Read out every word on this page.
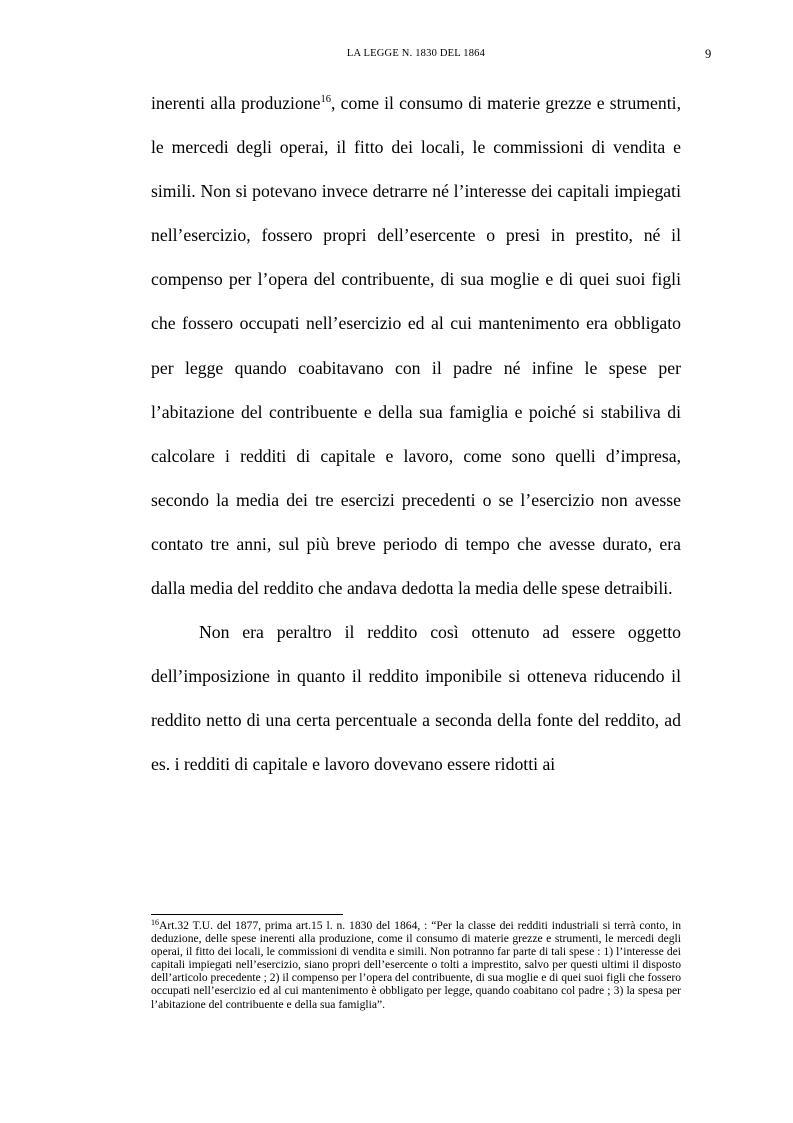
LA LEGGE N. 1830 DEL 1864	9

inerenti alla produzione$^{16}$, come il consumo di materie grezze e strumenti, le mercedi degli operai, il fitto dei locali, le commissioni di vendita e simili. Non si potevano invece detrarre né l’interesse dei capitali impiegati nell’esercizio, fossero propri dell’esercente o presi in prestito, né il compenso per l’opera del contribuente, di sua moglie e di quei suoi figli che fossero occupati nell’esercizio ed al cui mantenimento era obbligato per legge quando coabitavano con il padre né infine le spese per l’abitazione del contribuente e della sua famiglia e poiché si stabiliva di calcolare i redditi di capitale e lavoro, come sono quelli d’impresa, secondo la media dei tre esercizi precedenti o se l’esercizio non avesse contato tre anni, sul più breve periodo di tempo che avesse durato, era dalla media del reddito che andava dedotta la media delle spese detraibili.

Non era peraltro il reddito così ottenuto ad essere oggetto dell’imposizione in quanto il reddito imponibile si otteneva riducendo il reddito netto di una certa percentuale a seconda della fonte del reddito, ad es. i redditi di capitale e lavoro dovevano essere ridotti ai

$^{16}$Art.32 T.U. del 1877, prima art.15 l. n. 1830 del 1864, : “Per la classe dei redditi industriali si terrà conto, in deduzione, delle spese inerenti alla produzione, come il consumo di materie grezze e strumenti, le mercedi degli operai, il fitto dei locali, le commissioni di vendita e simili. Non potranno far parte di tali spese : 1) l’interesse dei capitali impiegati nell’esercizio, siano propri dell’esercente o tolti a imprestito, salvo per questi ultimi il disposto dell’articolo precedente ; 2) il compenso per l’opera del contribuente, di sua moglie e di quei suoi figli che fossero occupati nell’esercizio ed al cui mantenimento è obbligato per legge, quando coabitano col padre ; 3) la spesa per l’abitazione del contribuente e della sua famiglia”.
